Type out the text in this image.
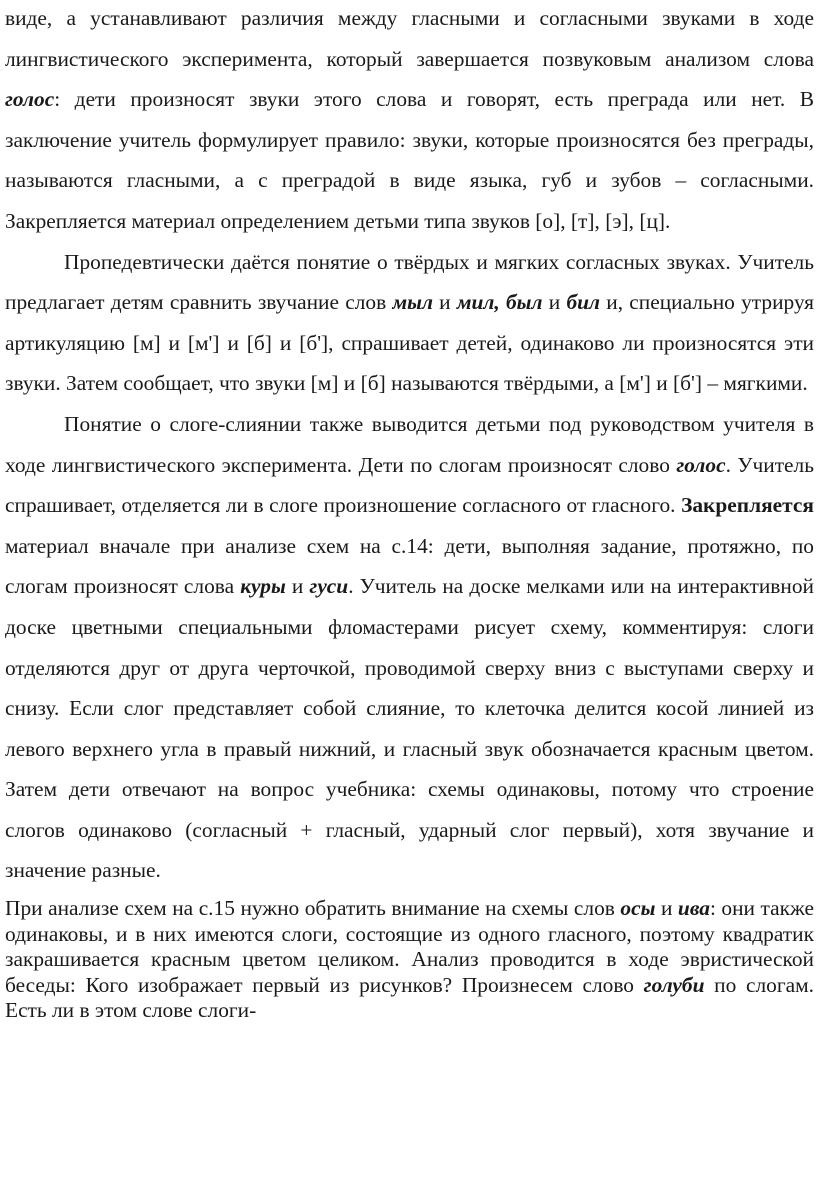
виде, а устанавливают различия между гласными и согласными звуками в ходе лингвистического эксперимента, который завершается позвуковым анализом слова голос: дети произносят звуки этого слова и говорят, есть преграда или нет. В заключение учитель формулирует правило: звуки, которые произносятся без преграды, называются гласными, а с преградой в виде языка, губ и зубов – согласными. Закрепляется материал определением детьми типа звуков [о], [т], [э], [ц].

Пропедевтически даётся понятие о твёрдых и мягких согласных звуках. Учитель предлагает детям сравнить звучание слов мыл и мил, был и бил и, специально утрируя артикуляцию [м] и [м'] и [б] и [б'], спрашивает детей, одинаково ли произносятся эти звуки. Затем сообщает, что звуки [м] и [б] называются твёрдыми, а [м'] и [б'] – мягкими.

Понятие о слоге-слиянии также выводится детьми под руководством учителя в ходе лингвистического эксперимента. Дети по слогам произносят слово голос. Учитель спрашивает, отделяется ли в слоге произношение согласного от гласного. Закрепляется материал вначале при анализе схем на с.14: дети, выполняя задание, протяжно, по слогам произносят слова куры и гуси. Учитель на доске мелками или на интерактивной доске цветными специальными фломастерами рисует схему, комментируя: слоги отделяются друг от друга черточкой, проводимой сверху вниз с выступами сверху и снизу. Если слог представляет собой слияние, то клеточка делится косой линией из левого верхнего угла в правый нижний, и гласный звук обозначается красным цветом. Затем дети отвечают на вопрос учебника: схемы одинаковы, потому что строение слогов одинаково (согласный + гласный, ударный слог первый), хотя звучание и значение разные.

При анализе схем на с.15 нужно обратить внимание на схемы слов осы и ива: они также одинаковы, и в них имеются слоги, состоящие из одного гласного, поэтому квадратик закрашивается красным цветом целиком. Анализ проводится в ходе эвристической беседы: Кого изображает первый из рисунков? Произнесем слово голуби по слогам. Есть ли в этом слове слоги-
